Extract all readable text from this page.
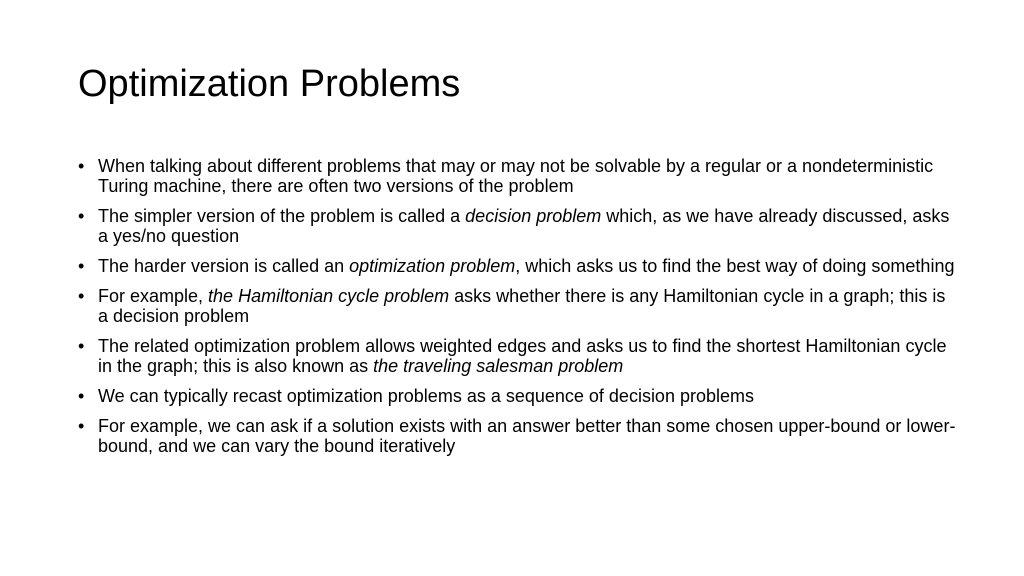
Optimization Problems
• When talking about different problems that may or may not be solvable by a regular or a nondeterministic Turing machine, there are often two versions of the problem
• The simpler version of the problem is called a decision problem which, as we have already discussed, asks a yes/no question
• The harder version is called an optimization problem, which asks us to find the best way of doing something
• For example, the Hamiltonian cycle problem asks whether there is any Hamiltonian cycle in a graph; this is a decision problem
• The related optimization problem allows weighted edges and asks us to find the shortest Hamiltonian cycle in the graph; this is also known as the traveling salesman problem
• We can typically recast optimization problems as a sequence of decision problems
• For example, we can ask if a solution exists with an answer better than some chosen upper-bound or lower-bound, and we can vary the bound iteratively
